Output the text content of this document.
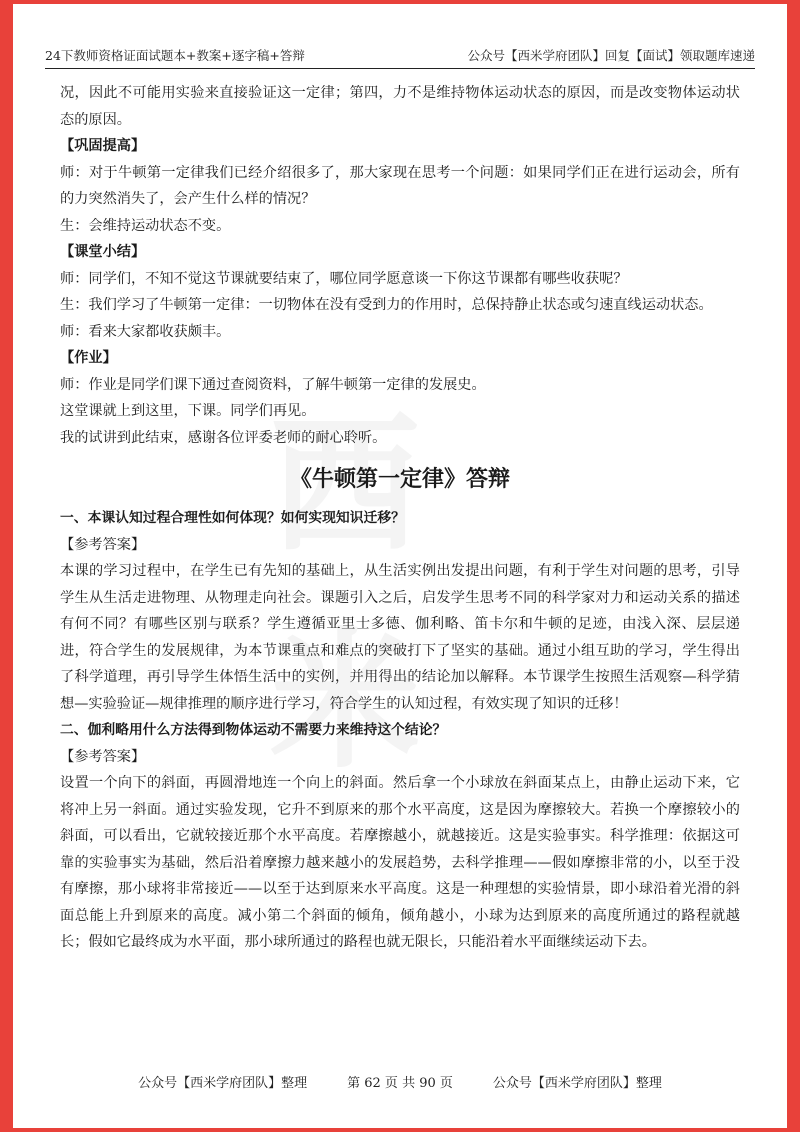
24下教师资格证面试题本+教案+逐字稿+答辩	公众号【西米学府团队】回复【面试】领取题库速递

况，因此不可能用实验来直接验证这一定律；第四，力不是维持物体运动状态的原因，而是改变物体运动状态的原因。

【巩固提高】

师：对于牛顿第一定律我们已经介绍很多了，那大家现在思考一个问题：如果同学们正在进行运动会，所有的力突然消失了，会产生什么样的情况？

生：会维持运动状态不变。

【课堂小结】

师：同学们，不知不觉这节课就要结束了，哪位同学愿意谈一下你这节课都有哪些收获呢？

生：我们学习了牛顿第一定律：一切物体在没有受到力的作用时，总保持静止状态或匀速直线运动状态。

师：看来大家都收获颇丰。

【作业】

师：作业是同学们课下通过查阅资料，了解牛顿第一定律的发展史。

这堂课就上到这里，下课。同学们再见。

我的试讲到此结束，感谢各位评委老师的耐心聆听。

《牛顿第一定律》答辩

一、本课认知过程合理性如何体现？如何实现知识迁移？

【参考答案】

本课的学习过程中，在学生已有先知的基础上，从生活实例出发提出问题，有利于学生对问题的思考，引导学生从生活走进物理、从物理走向社会。课题引入之后，启发学生思考不同的科学家对力和运动关系的描述有何不同？有哪些区别与联系？学生遵循亚里士多德、伽利略、笛卡尔和牛顿的足迹，由浅入深、层层递进，符合学生的发展规律，为本节课重点和难点的突破打下了坚实的基础。通过小组互助的学习，学生得出了科学道理，再引导学生体悟生活中的实例，并用得出的结论加以解释。本节课学生按照生活观察—科学猜想—实验验证—规律推理的顺序进行学习，符合学生的认知过程，有效实现了知识的迁移！

二、伽利略用什么方法得到物体运动不需要力来维持这个结论？

【参考答案】

设置一个向下的斜面，再圆滑地连一个向上的斜面。然后拿一个小球放在斜面某点上，由静止运动下来，它将冲上另一斜面。通过实验发现，它升不到原来的那个水平高度，这是因为摩擦较大。若换一个摩擦较小的斜面，可以看出，它就较接近那个水平高度。若摩擦越小，就越接近。这是实验事实。科学推理：依据这可靠的实验事实为基础，然后沿着摩擦力越来越小的发展趋势，去科学推理——假如摩擦非常的小，以至于没有摩擦，那小球将非常接近——以至于达到原来水平高度。这是一种理想的实验情景，即小球沿着光滑的斜面总能上升到原来的高度。减小第二个斜面的倾角，倾角越小，小球为达到原来的高度所通过的路程就越长；假如它最终成为水平面，那小球所通过的路程也就无限长，只能沿着水平面继续运动下去。

公众号【西米学府团队】整理	第 62 页 共 90 页	公众号【西米学府团队】整理
